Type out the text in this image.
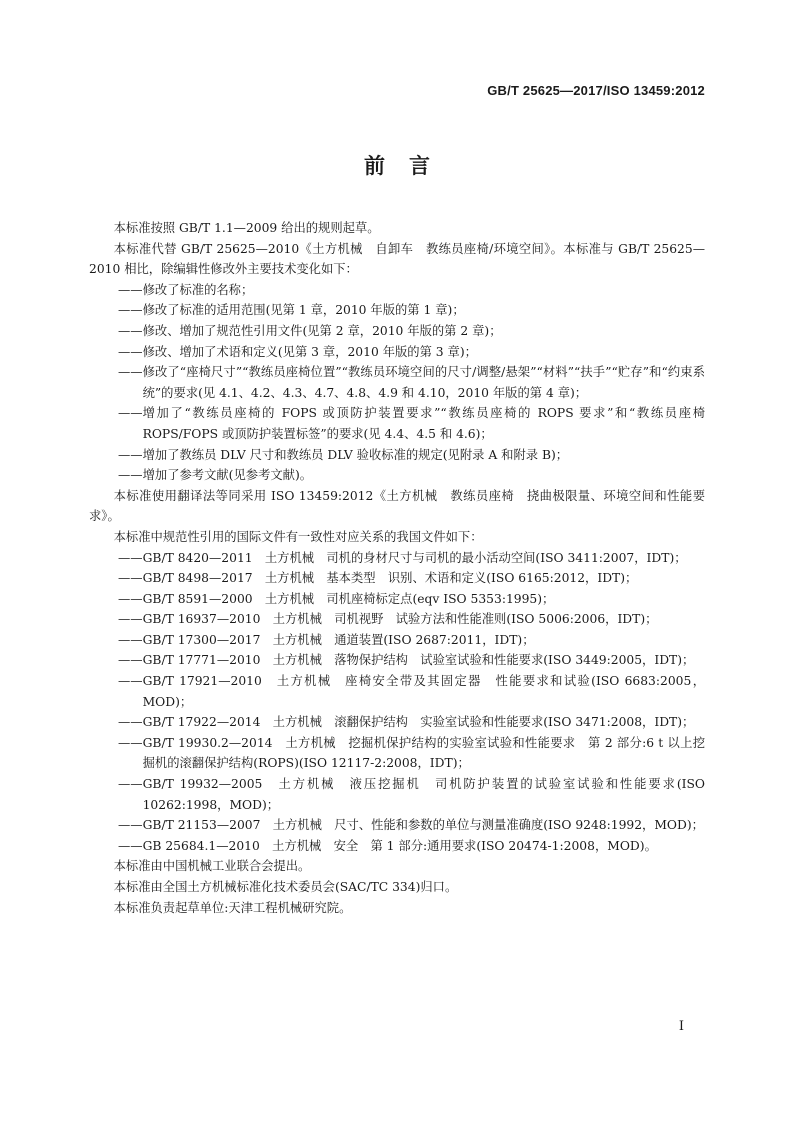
GB/T 25625—2017/ISO 13459:2012
前言

本标准按照 GB/T 1.1—2009 给出的规则起草。

本标准代替 GB/T 25625—2010《土方机械　自卸车　教练员座椅/环境空间》。本标准与 GB/T 25625—2010 相比，除编辑性修改外主要技术变化如下：

—— 修改了标准的名称；
—— 修改了标准的适用范围(见第 1 章，2010 年版的第 1 章)；
—— 修改、增加了规范性引用文件(见第 2 章，2010 年版的第 2 章)；
—— 修改、增加了术语和定义(见第 3 章，2010 年版的第 3 章)；
—— 修改了“座椅尺寸”“教练员座椅位置”“教练员环境空间的尺寸/调整/悬架”“材料”“扶手”“贮存”和“约束系统”的要求(见 4.1、4.2、4.3、4.7、4.8、4.9 和 4.10，2010 年版的第 4 章)；
—— 增加了“教练员座椅的 FOPS 或顶防护装置要求”“教练员座椅的 ROPS 要求”和“教练员座椅 ROPS/FOPS 或顶防护装置标签”的要求(见 4.4、4.5 和 4.6)；
—— 增加了教练员 DLV 尺寸和教练员 DLV 验收标准的规定(见附录 A 和附录 B)；
—— 增加了参考文献(见参考文献)。

本标准使用翻译法等同采用 ISO 13459:2012《土方机械　教练员座椅　挠曲极限量、环境空间和性能要求》。

本标准中规范性引用的国际文件有一致性对应关系的我国文件如下：

—— GB/T 8420—2011　土方机械　司机的身材尺寸与司机的最小活动空间(ISO 3411:2007，IDT)；
—— GB/T 8498—2017　土方机械　基本类型　识别、术语和定义(ISO 6165:2012，IDT)；
—— GB/T 8591—2000　土方机械　司机座椅标定点(eqv ISO 5353:1995)；
—— GB/T 16937—2010　土方机械　司机视野　试验方法和性能准则(ISO 5006:2006，IDT)；
—— GB/T 17300—2017　土方机械　通道装置(ISO 2687:2011，IDT)；
—— GB/T 17771—2010　土方机械　落物保护结构　试验室试验和性能要求(ISO 3449:2005，IDT)；
—— GB/T 17921—2010　土方机械　座椅安全带及其固定器　性能要求和试验(ISO 6683:2005，MOD)；
—— GB/T 17922—2014　土方机械　滚翻保护结构　实验室试验和性能要求(ISO 3471:2008，IDT)；
—— GB/T 19930.2—2014　土方机械　挖掘机保护结构的实验室试验和性能要求　第 2 部分:6 t 以上挖掘机的滚翻保护结构(ROPS)(ISO 12117-2:2008，IDT)；
—— GB/T 19932—2005　土方机械　液压挖掘机　司机防护装置的试验室试验和性能要求(ISO 10262:1998，MOD)；
—— GB/T 21153—2007　土方机械　尺寸、性能和参数的单位与测量准确度(ISO 9248:1992，MOD)；
—— GB 25684.1—2010　土方机械　安全　第 1 部分:通用要求(ISO 20474-1:2008，MOD)。

本标准由中国机械工业联合会提出。

本标准由全国土方机械标准化技术委员会(SAC/TC 334)归口。

本标准负责起草单位:天津工程机械研究院。

I
